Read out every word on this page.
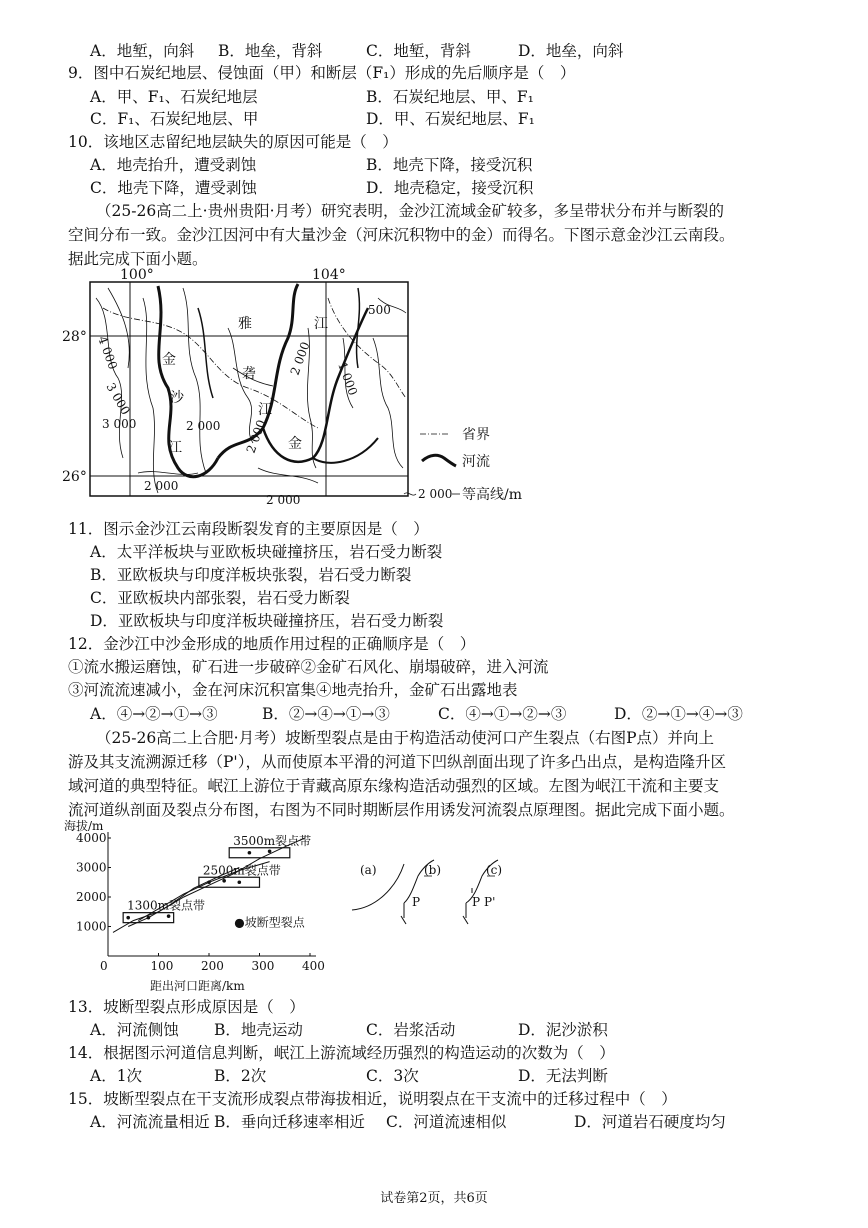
A．地堑，向斜 B．地垒，背斜	C．地堑，背斜	D．地垒，向斜
9．图中石炭纪地层、侵蚀面（甲）和断层（F₁）形成的先后顺序是（　）
A．甲、F₁、石炭纪地层	B．石炭纪地层、甲、F₁
C．F₁、石炭纪地层、甲	D．甲、石炭纪地层、F₁
10．该地区志留纪地层缺失的原因可能是（　）
A．地壳抬升，遭受剥蚀	B．地壳下降，接受沉积
C．地壳下降，遭受剥蚀	D．地壳稳定，接受沉积
（25-26高二上·贵州贵阳·月考）研究表明，金沙江流域金矿较多，多呈带状分布并与断裂的
空间分布一致。金沙江因河中有大量沙金（河床沉积物中的金）而得名。下图示意金沙江云南段。
据此完成下面小题。
100°	104°
28°
26°
雅
金
砻
江
沙
江	金
江
4 000
3 000
2 000
3 000
2 000
2 000
2 000
1 000
2 000
500
省界
河流
2 000 等高线/m
11．图示金沙江云南段断裂发育的主要原因是（　）
A．太平洋板块与亚欧板块碰撞挤压，岩石受力断裂
B．亚欧板块与印度洋板块张裂，岩石受力断裂
C．亚欧板块内部张裂，岩石受力断裂
D．亚欧板块与印度洋板块碰撞挤压，岩石受力断裂
12．金沙江中沙金形成的地质作用过程的正确顺序是（　）
①流水搬运磨蚀，矿石进一步破碎②金矿石风化、崩塌破碎，进入河流
③河流流速减小，金在河床沉积富集④地壳抬升，金矿石出露地表
A．④→②→①→③	B．②→④→①→③	C．④→①→②→③	D．②→①→④→③
（25-26高二上合肥·月考）坡断型裂点是由于构造活动使河口产生裂点（右图P点）并向上
游及其支流溯源迁移（P'），从而使原本平滑的河道下凹纵剖面出现了许多凸出点，是构造隆升区
域河道的典型特征。岷江上游位于青藏高原东缘构造活动强烈的区域。左图为岷江干流和主要支
流河道纵剖面及裂点分布图，右图为不同时期断层作用诱发河流裂点原理图。据此完成下面小题。
海拔/m
距出河口距离/km
0	100 200 300 400
1000
2000
3000
4000
1300m裂点带
2500m裂点带
3500m裂点带
●坡断型裂点
(a)	(b)	(c)
P	P P'
13．坡断型裂点形成原因是（　）
A．河流侧蚀 B．地壳运动	C．岩浆活动	D．泥沙淤积
14．根据图示河道信息判断，岷江上游流域经历强烈的构造运动的次数为（　）
A．1次	B．2次	C．3次	D．无法判断
15．坡断型裂点在干支流形成裂点带海拔相近，说明裂点在干支流中的迁移过程中（　）
A．河流流量相近 B．垂向迁移速率相近 C．河道流速相似	D．河道岩石硬度均匀
试卷第2页，共6页
